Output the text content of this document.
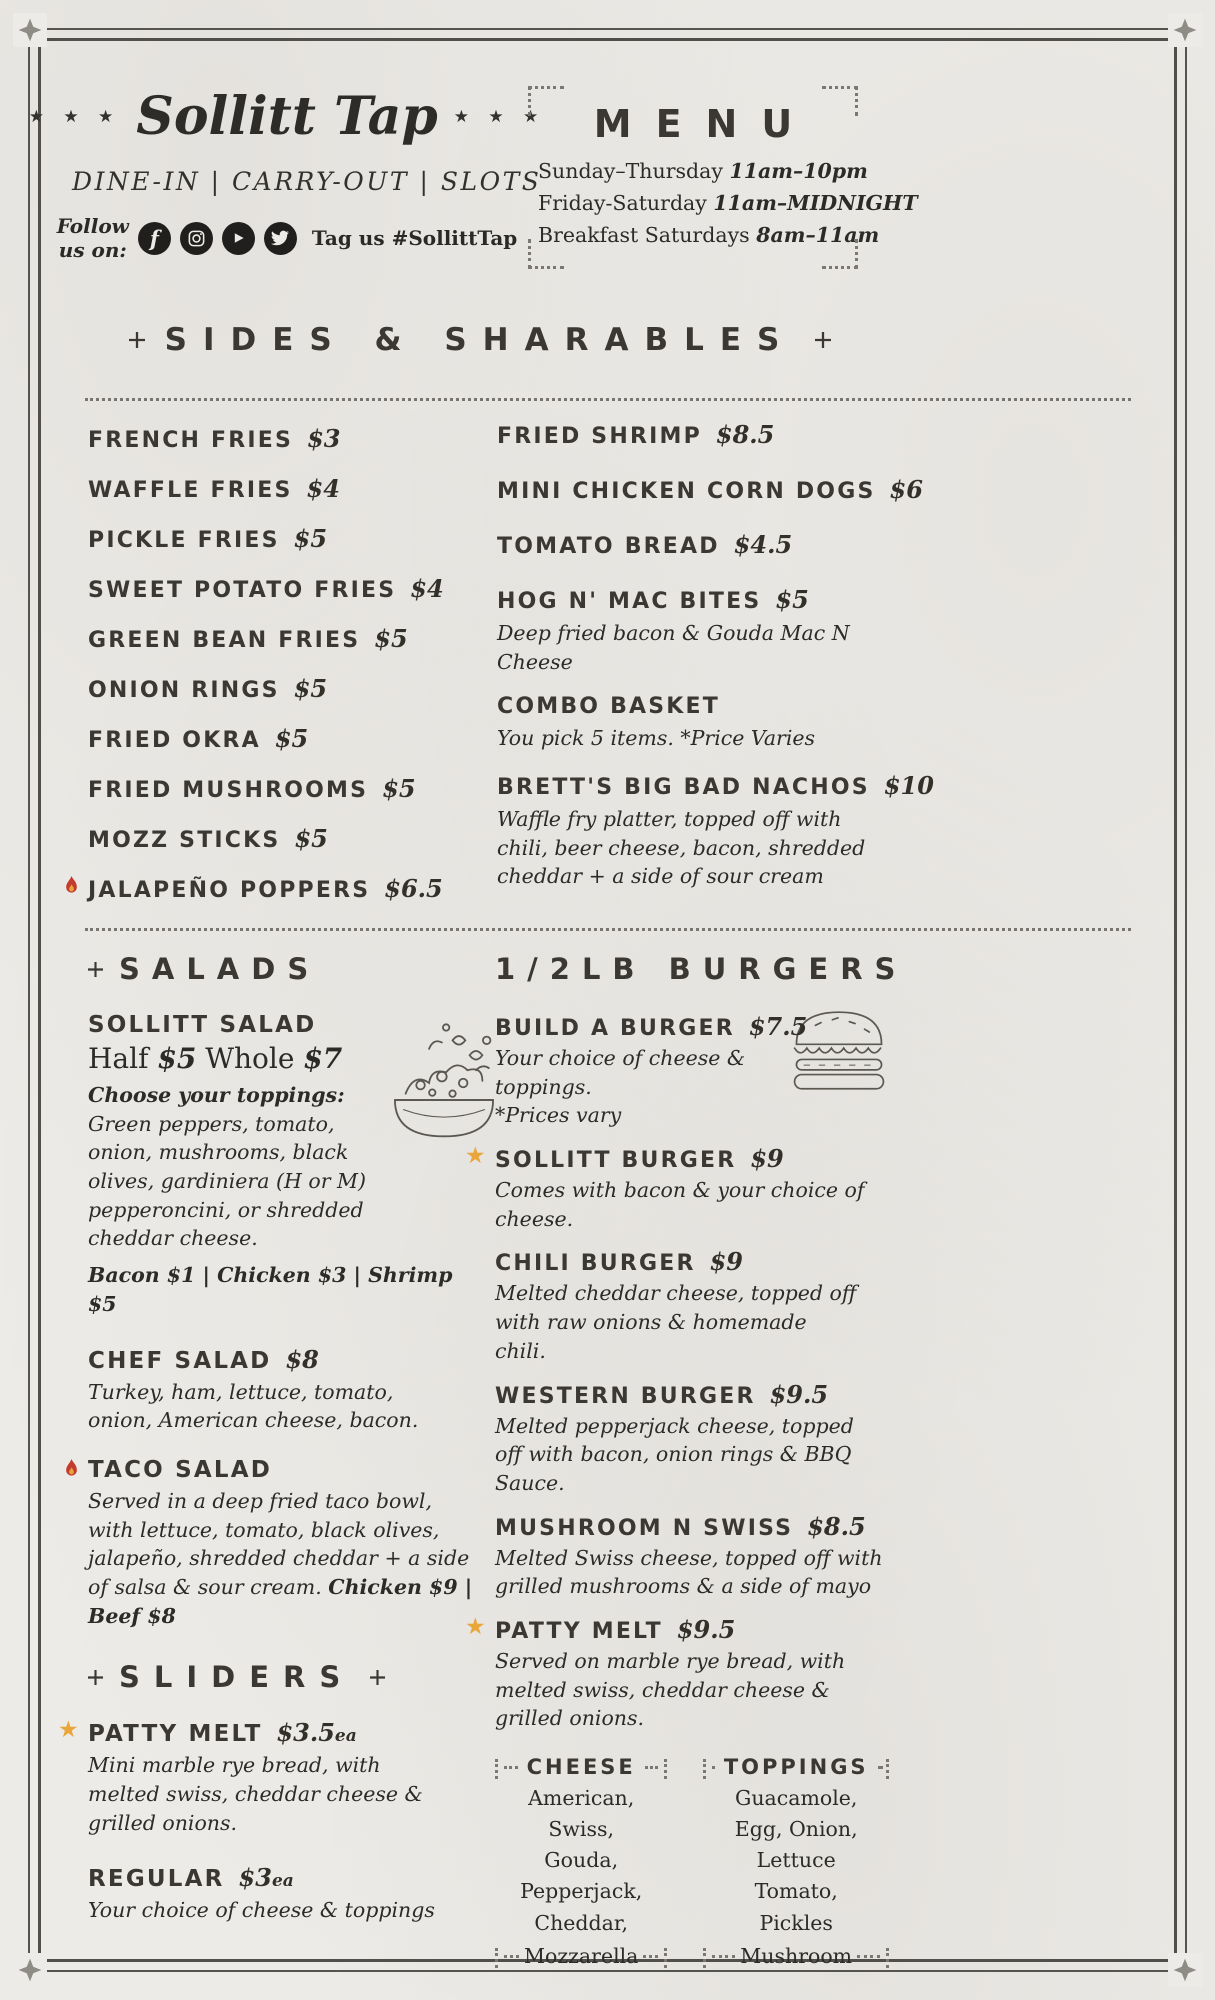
★ ★ ★ Sollitt Tap ★ ★ ★
DINE-IN | CARRY-OUT | SLOTS
Follow us on: f	Tag us #SollittTap
MENU
Sunday–Thursday 11am–10pm
Friday-Saturday 11am–MIDNIGHT
Breakfast Saturdays 8am–11am
SIDES & SHARABLES
FRENCH FRIES $3
WAFFLE FRIES $4
PICKLE FRIES $5
SWEET POTATO FRIES $4
GREEN BEAN FRIES $5
ONION RINGS $5
FRIED OKRA $5
FRIED MUSHROOMS $5
MOZZ STICKS $5
JALAPEÑO POPPERS $6.5
FRIED SHRIMP $8.5
MINI CHICKEN CORN DOGS $6
TOMATO BREAD $4.5
HOG N' MAC BITES $5

Deep fried bacon & Gouda Mac N Cheese

COMBO BASKET

You pick 5 items. *Price Varies

BRETT'S BIG BAD NACHOS $10

Waffle fry platter, topped off with chili, beer cheese, bacon, shredded cheddar + a side of sour cream

SALADS
SOLLITT SALAD
Half $5 Whole $7
Choose your toppings:

Green peppers, tomato, onion, mushrooms, black olives, gardiniera (H or M) pepperoncini, or shredded cheddar cheese.

Bacon $1 | Chicken $3 | Shrimp $5
CHEF SALAD $8

Turkey, ham, lettuce, tomato, onion, American cheese, bacon.

TACO SALAD

Served in a deep fried taco bowl, with lettuce, tomato, black olives, jalapeño, shredded cheddar + a side of salsa & sour cream. Chicken $9 | Beef $8

SLIDERS
★ PATTY MELT $3.5ea

Mini marble rye bread, with melted swiss, cheddar cheese & grilled onions.

REGULAR $3ea

Your choice of cheese & toppings

1/2LB BURGERS
BUILD A BURGER $7.5

Your choice of cheese & toppings.

*Prices vary

★ SOLLITT BURGER $9

Comes with bacon & your choice of cheese.

CHILI BURGER $9

Melted cheddar cheese, topped off with raw onions & homemade chili.

WESTERN BURGER $9.5

Melted pepperjack cheese, topped off with bacon, onion rings & BBQ Sauce.

MUSHROOM N SWISS $8.5

Melted Swiss cheese, topped off with grilled mushrooms & a side of mayo

★ PATTY MELT $9.5

Served on marble rye bread, with melted swiss, cheddar cheese & grilled onions.

CHEESE
American,
Swiss,
Gouda,
Pepperjack,
Cheddar,
Mozzarella
TOPPINGS
Guacamole,
Egg, Onion,
Lettuce
Tomato,
Pickles
Mushroom
